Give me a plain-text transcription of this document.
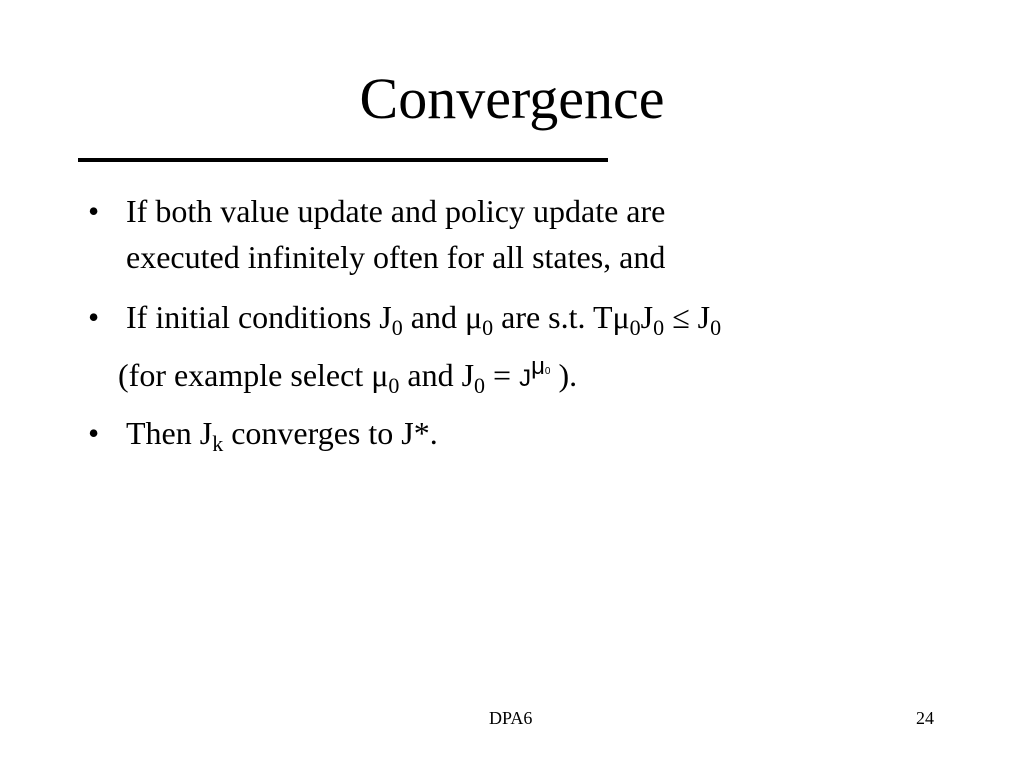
Convergence
• If both value update and policy update are
executed infinitely often for all states, and
• If initial conditions $J_0$ and $\mu_0$ are s.t. $T\mu_0J_0 \le J_0$
(for example select $\mu_0$ and $J_0 = J^{\mu 0}$ ).
• Then $J_k$ converges to J*.
DPA6	24
